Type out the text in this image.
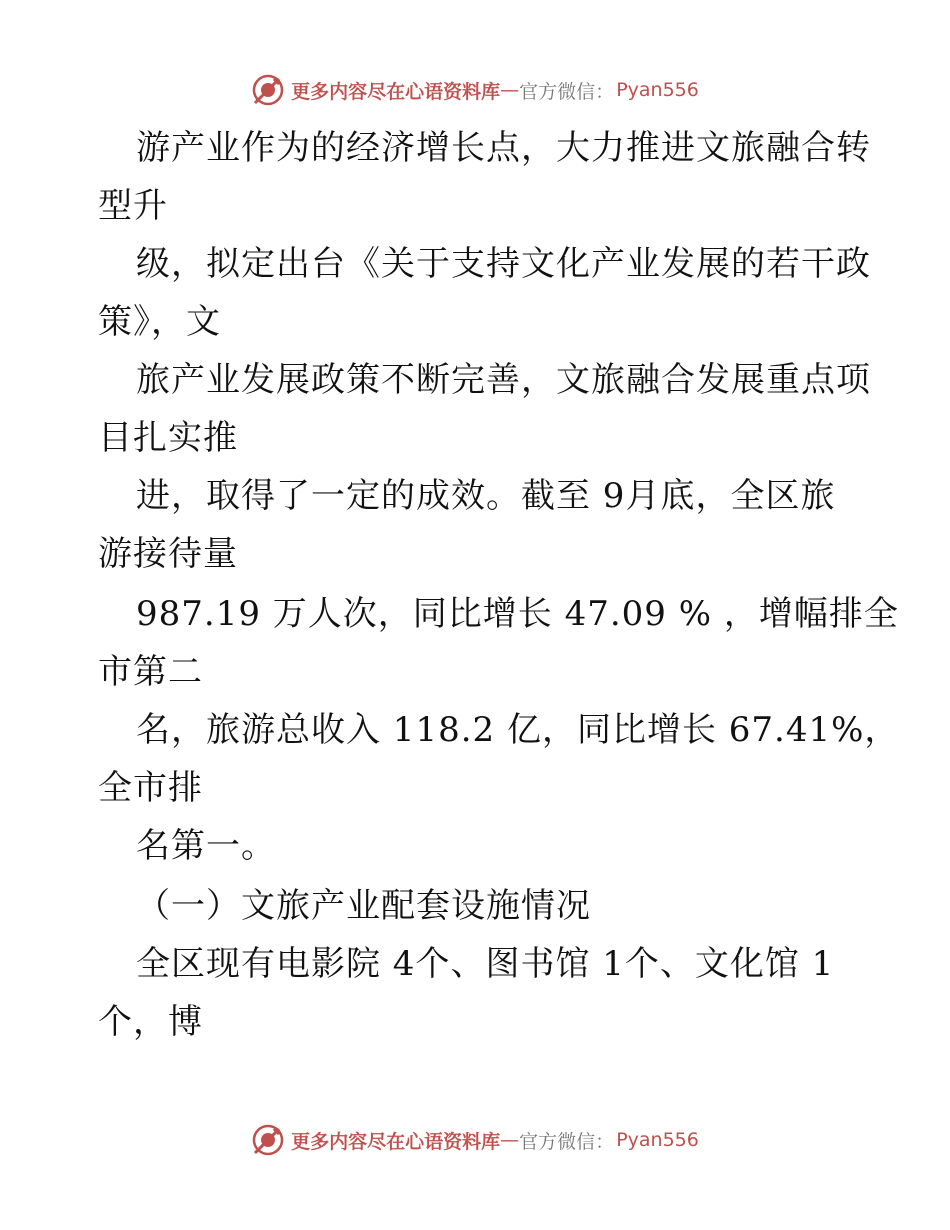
更多内容尽在心语资料库 — 官方微信： Pyan556
游产业作为的经济增长点，大力推进文旅融合转
型升
级，拟定出台《关于支持文化产业发展的若干政
策》，文
旅产业发展政策不断完善，文旅融合发展重点项
目扎实推
进，取得了一定的成效。截至 9月底，全区旅
游接待量
987.19 万人次，同比增长 47.09 % ，增幅排全
市第二
名，旅游总收入 118.2 亿，同比增长 67.41%，
全市排
名第一。
（一）文旅产业配套设施情况
全区现有电影院 4个、图书馆 1个、文化馆 1
个，博
更多内容尽在心语资料库 — 官方微信： Pyan556
